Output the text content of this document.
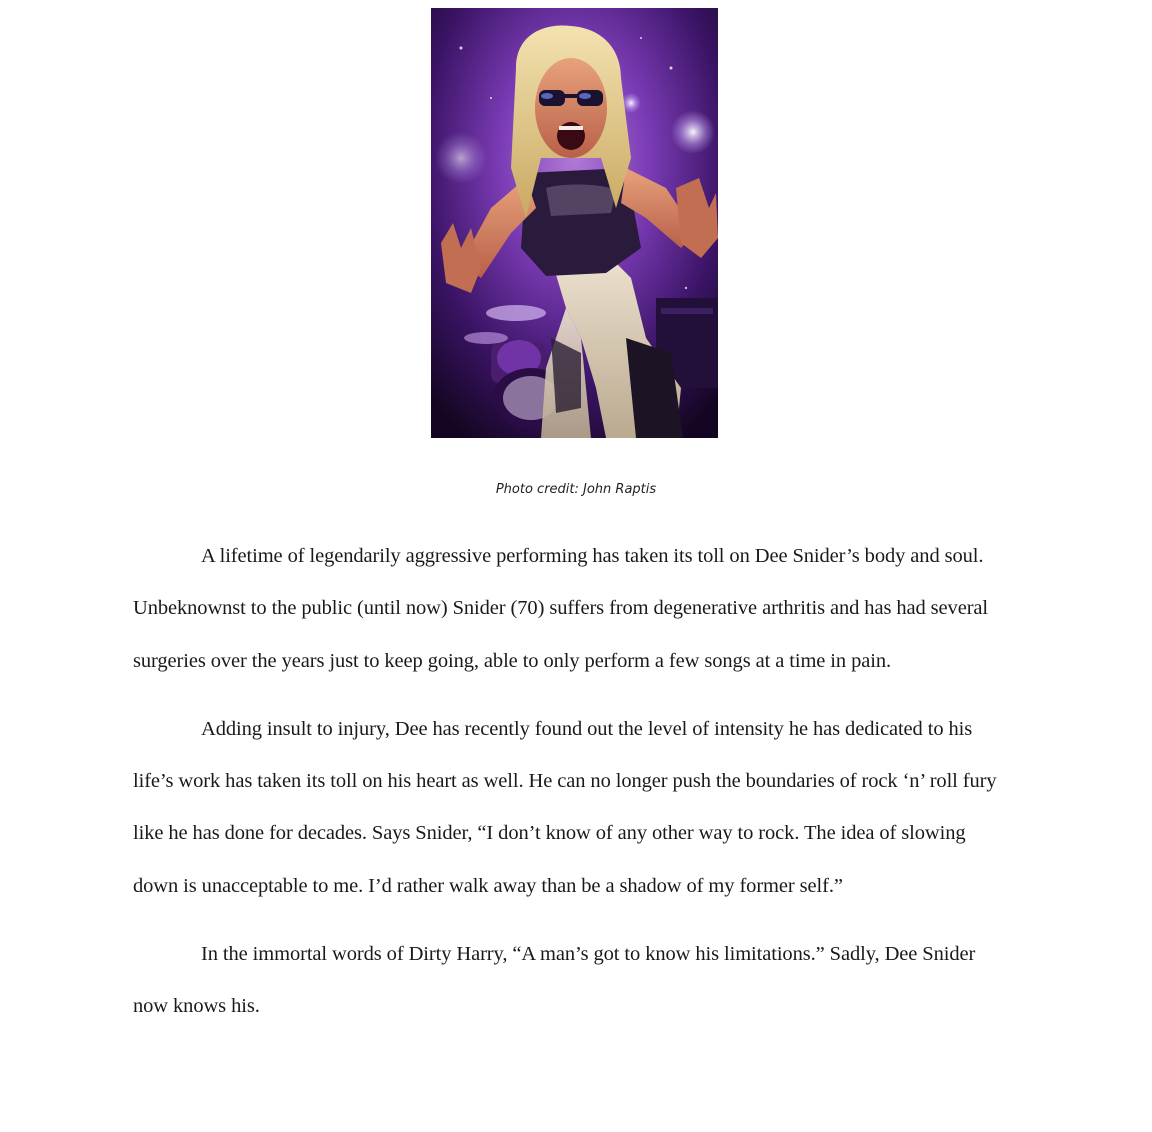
Photo credit: John Raptis

A lifetime of legendarily aggressive performing has taken its toll on Dee Snider’s body and soul. Unbeknownst to the public (until now) Snider (70) suffers from degenerative arthritis and has had several surgeries over the years just to keep going, able to only perform a few songs at a time in pain.

Adding insult to injury, Dee has recently found out the level of intensity he has dedicated to his life’s work has taken its toll on his heart as well. He can no longer push the boundaries of rock ‘n’ roll fury like he has done for decades. Says Snider, “I don’t know of any other way to rock. The idea of slowing down is unacceptable to me. I’d rather walk away than be a shadow of my former self.”

In the immortal words of Dirty Harry, “A man’s got to know his limitations.” Sadly, Dee Snider now knows his.
